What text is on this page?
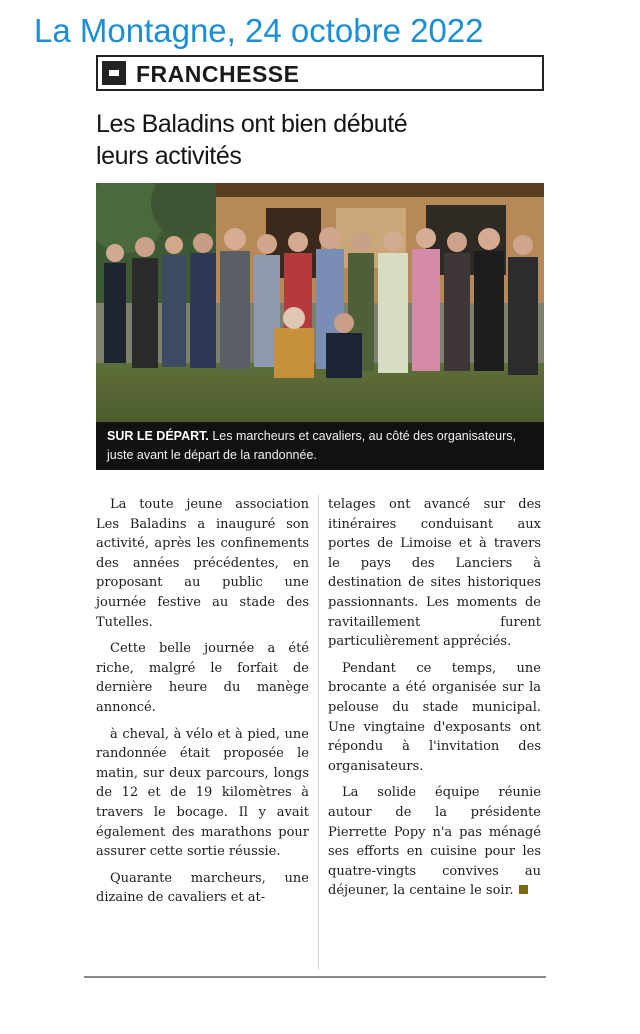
La Montagne, 24 octobre 2022
FRANCHESSE
Les Baladins ont bien débuté
leurs activités
SUR LE DÉPART. Les marcheurs et cavaliers, au côté des organisateurs, juste avant le départ de la randonnée.

La toute jeune association Les Baladins a inauguré son activité, après les confinements des années précédentes, en proposant au public une journée festive au stade des Tutelles.

Cette belle journée a été riche, malgré le forfait de dernière heure du manège annoncé.

à cheval, à vélo et à pied, une randonnée était proposée le matin, sur deux parcours, longs de 12 et de 19 kilomètres à travers le bocage. Il y avait également des marathons pour assurer cette sortie réussie.

Quarante marcheurs, une dizaine de cavaliers et at-

telages ont avancé sur des itinéraires conduisant aux portes de Limoise et à travers le pays des Lanciers à destination de sites historiques passionnants. Les moments de ravitaillement furent particulièrement appréciés.

Pendant ce temps, une brocante a été organisée sur la pelouse du stade municipal. Une vingtaine d'exposants ont répondu à l'invitation des organisateurs.

La solide équipe réunie autour de la présidente Pierrette Popy n'a pas ménagé ses efforts en cuisine pour les quatre-vingts convives au déjeuner, la centaine le soir.
